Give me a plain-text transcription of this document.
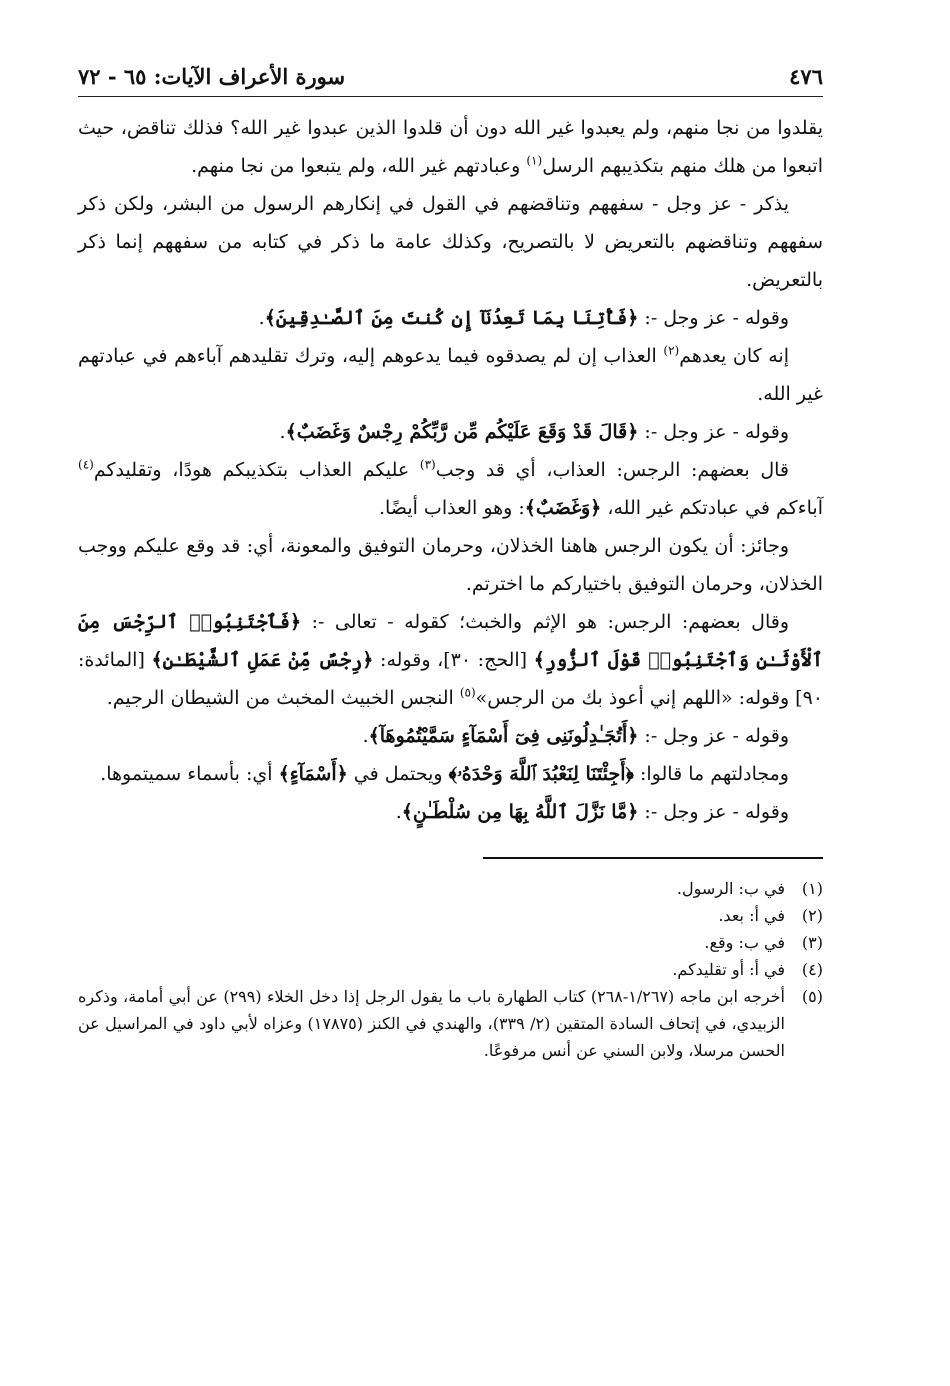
٤٧٦
سورة الأعراف الآيات: ٦٥ - ٧٢

يقلدوا من نجا منهم، ولم يعبدوا غير الله دون أن قلدوا الذين عبدوا غير الله؟ فذلك تناقض، حيث اتبعوا من هلك منهم بتكذيبهم الرسل$^{(١)}$ وعبادتهم غير الله، ولم يتبعوا من نجا منهم.

يذكر - عز وجل - سفههم وتناقضهم في القول في إنكارهم الرسول من البشر، ولكن ذكر سفههم وتناقضهم بالتعريض لا بالتصريح، وكذلك عامة ما ذكر في كتابه من سفههم إنما ذكر بالتعريض.

وقوله - عز وجل -: ﴿فَأْتِنَا بِمَا تَعِدُنَآ إِن كُنتَ مِنَ ٱلصَّـٰدِقِينَ﴾.

إنه كان يعدهم$^{(٢)}$ العذاب إن لم يصدقوه فيما يدعوهم إليه، وترك تقليدهم آباءهم في عبادتهم غير الله.

وقوله - عز وجل -: ﴿قَالَ قَدْ وَقَعَ عَلَيْكُم مِّن رَّبِّكُمْ رِجْسٌ وَغَضَبٌ﴾.

قال بعضهم: الرجس: العذاب، أي قد وجب$^{(٣)}$ عليكم العذاب بتكذيبكم هودًا، وتقليدكم$^{(٤)}$ آباءكم في عبادتكم غير الله، ﴿وَغَضَبٌ﴾: وهو العذاب أيضًا.

وجائز: أن يكون الرجس هاهنا الخذلان، وحرمان التوفيق والمعونة، أي: قد وقع عليكم ووجب الخذلان، وحرمان التوفيق باختياركم ما اخترتم.

وقال بعضهم: الرجس: هو الإثم والخبث؛ كقوله - تعالى -: ﴿فَٱجْتَنِبُوا۟ ٱلرِّجْسَ مِنَ ٱلْأَوْثَـٰنِ وَٱجْتَنِبُوا۟ قَوْلَ ٱلزُّورِ﴾ [الحج: ٣٠]، وقوله: ﴿رِجْسٌ مِّنْ عَمَلِ ٱلشَّيْطَـٰنِ﴾ [المائدة: ٩٠] وقوله: «اللهم إني أعوذ بك من الرجس»$^{(٥)}$ النجس الخبيث المخبث من الشيطان الرجيم.

وقوله - عز وجل -: ﴿أَتُجَـٰدِلُونَنِى فِىٓ أَسْمَآءٍ سَمَّيْتُمُوهَآ﴾.

ومجادلتهم ما قالوا: ﴿أَجِئْتَنَا لِنَعْبُدَ ٱللَّهَ وَحْدَهُۥ﴾ ويحتمل في ﴿أَسْمَآءٍ﴾ أي: بأسماء سميتموها.

وقوله - عز وجل -: ﴿مَّا نَزَّلَ ٱللَّهُ بِهَا مِن سُلْطَـٰنٍ﴾.

(١)
في ب: الرسول.
(٢)
في أ: بعد.
(٣)
في ب: وقع.
(٤)
في أ: أو تقليدكم.
(٥)
أخرجه ابن ماجه (١/٢٦٧-٢٦٨) كتاب الطهارة باب ما يقول الرجل إذا دخل الخلاء (٢٩٩) عن أبي أمامة، وذكره الزبيدي، في إتحاف السادة المتقين (٢/ ٣٣٩)، والهندي في الكنز (١٧٨٧٥) وعزاه لأبي داود في المراسيل عن الحسن مرسلا، ولابن السني عن أنس مرفوعًا.
